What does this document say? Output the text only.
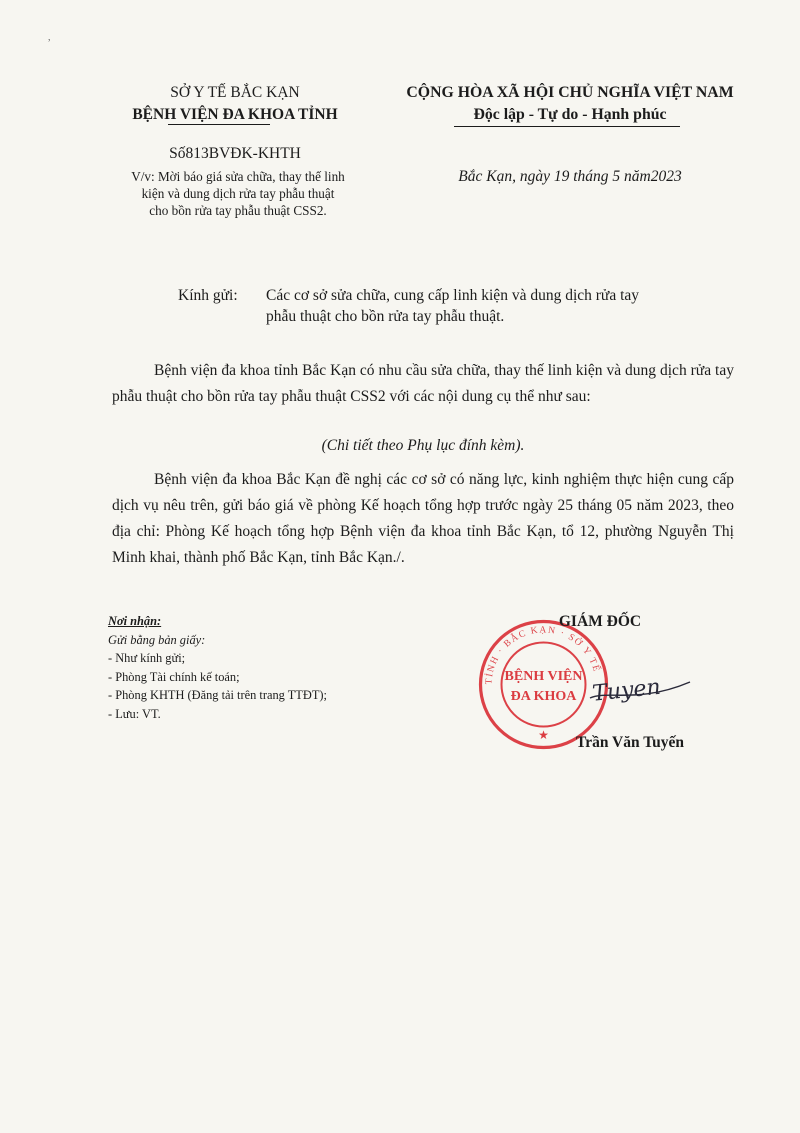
,
SỞ Y TẾ BẮC KẠN
BỆNH VIỆN ĐA KHOA TỈNH
CỘNG HÒA XÃ HỘI CHỦ NGHĨA VIỆT NAM
Độc lập - Tự do - Hạnh phúc
Số813BVĐK-KHTH
V/v: Mời báo giá sửa chữa, thay thế linh
kiện và dung dịch rửa tay phẫu thuật
cho bồn rửa tay phẫu thuật CSS2.
Bắc Kạn, ngày 19 tháng 5 năm2023
Kính gửi: Các cơ sở sửa chữa, cung cấp linh kiện và dung dịch rửa tay
phẫu thuật cho bồn rửa tay phẫu thuật.
Bệnh viện đa khoa tỉnh Bắc Kạn có nhu cầu sửa chữa, thay thế linh kiện và dung dịch rửa tay phẫu thuật cho bồn rửa tay phẫu thuật CSS2 với các nội dung cụ thể như sau:
(Chi tiết theo Phụ lục đính kèm).
Bệnh viện đa khoa Bắc Kạn đề nghị các cơ sở có năng lực, kinh nghiệm thực hiện cung cấp dịch vụ nêu trên, gửi báo giá về phòng Kế hoạch tổng hợp trước ngày 25 tháng 05 năm 2023, theo địa chỉ: Phòng Kế hoạch tổng hợp Bệnh viện đa khoa tỉnh Bắc Kạn, tổ 12, phường Nguyễn Thị Minh khai, thành phố Bắc Kạn, tỉnh Bắc Kạn./.
Nơi nhận:
Gửi bằng bản giấy:
- Như kính gửi;
- Phòng Tài chính kế toán;
- Phòng KHTH (Đăng tải trên trang TTĐT);
- Lưu: VT.
TỈNH · BẮC KẠN · SỞ Y TẾ
BỆNH VIỆN
ĐA KHOA
★
Tuyen
GIÁM ĐỐC
Trần Văn Tuyến
